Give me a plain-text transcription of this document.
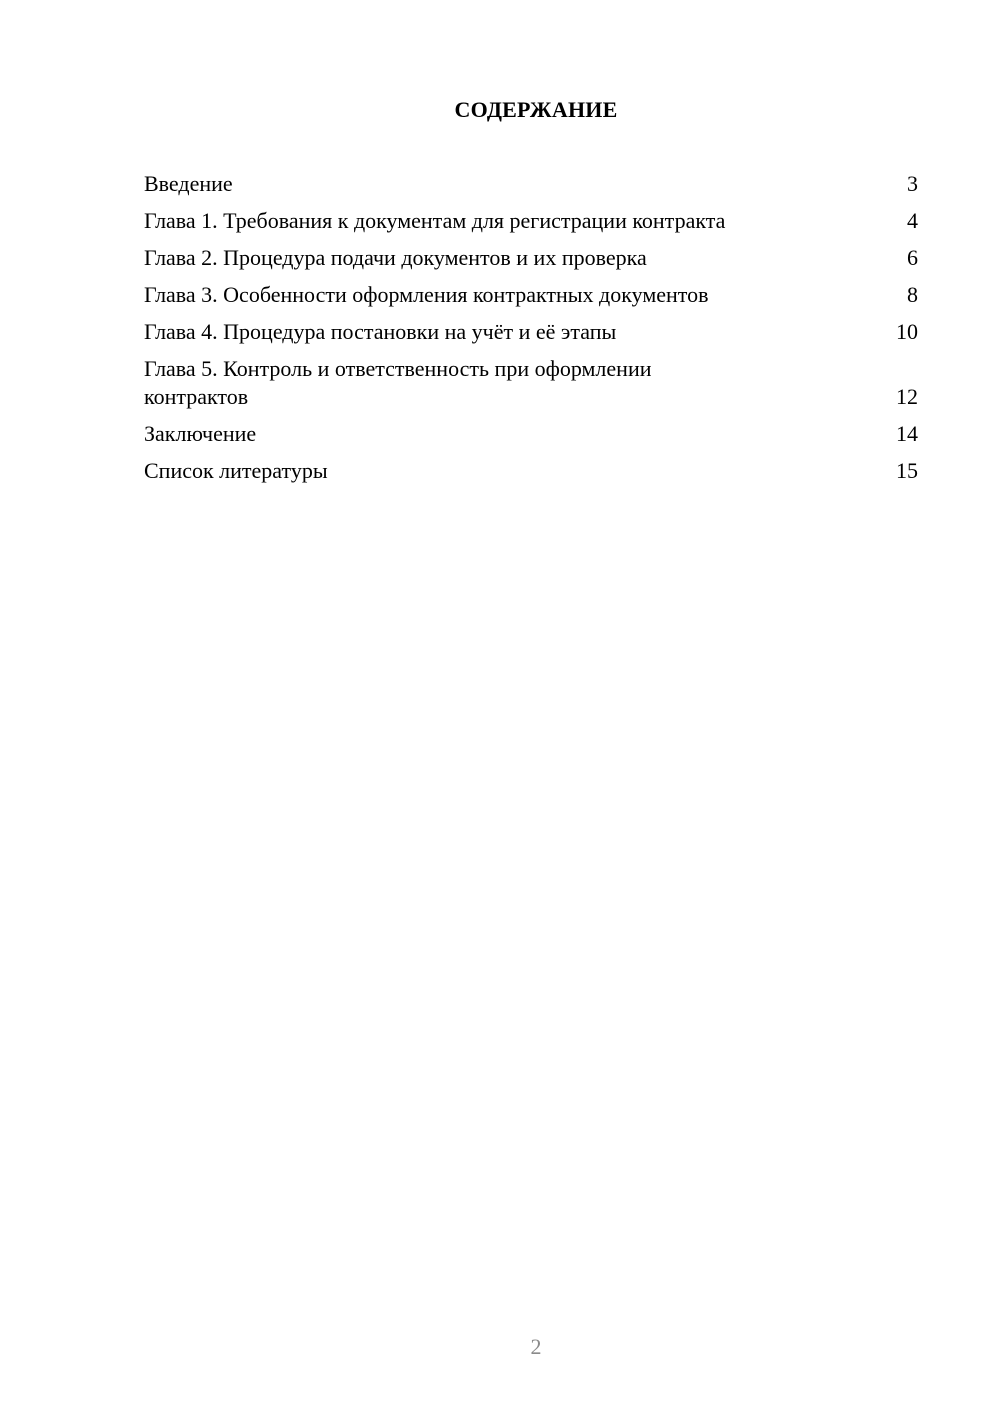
СОДЕРЖАНИЕ
Введение	3
Глава 1. Требования к документам для регистрации контракта	4
Глава 2. Процедура подачи документов и их проверка	6
Глава 3. Особенности оформления контрактных документов	8
Глава 4. Процедура постановки на учёт и её этапы	10
Глава 5. Контроль и ответственность при оформлении контрактов	12
Заключение	14
Список литературы	15
2
